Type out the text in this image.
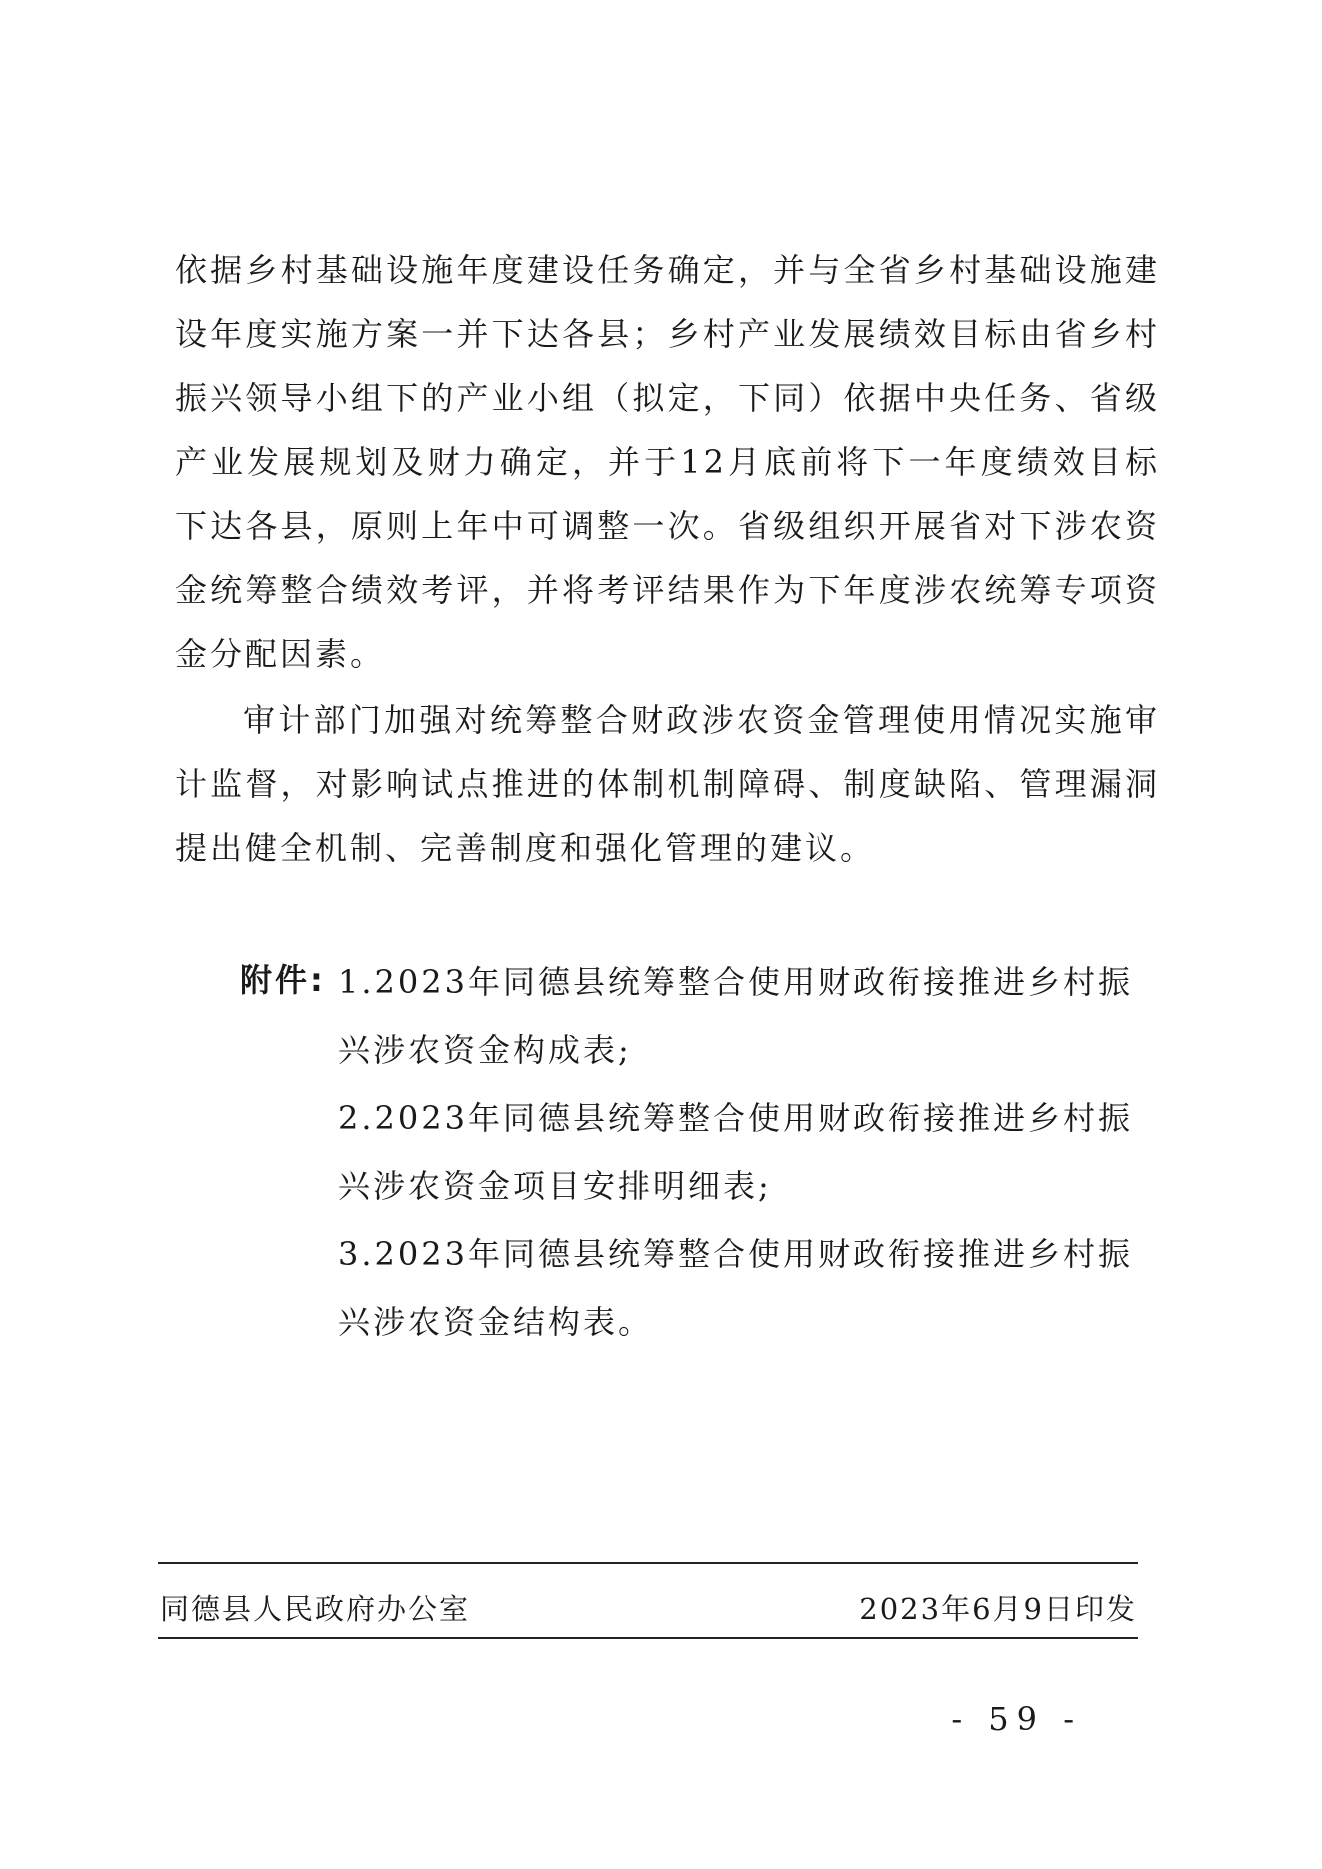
依据乡村基础设施年度建设任务确定，并与全省乡村基础设施建设年度实施方案一并下达各县；乡村产业发展绩效目标由省乡村振兴领导小组下的产业小组（拟定，下同）依据中央任务、省级产业发展规划及财力确定，并于12月底前将下一年度绩效目标下达各县，原则上年中可调整一次。省级组织开展省对下涉农资金统筹整合绩效考评，并将考评结果作为下年度涉农统筹专项资金分配因素。

审计部门加强对统筹整合财政涉农资金管理使用情况实施审计监督，对影响试点推进的体制机制障碍、制度缺陷、管理漏洞提出健全机制、完善制度和强化管理的建议。

附件: 1.2023年同德县统筹整合使用财政衔接推进乡村振兴涉农资金构成表;

2.2023年同德县统筹整合使用财政衔接推进乡村振兴涉农资金项目安排明细表;

3.2023年同德县统筹整合使用财政衔接推进乡村振兴涉农资金结构表。

同德县人民政府办公室	2023年6月9日印发
- 59 -
